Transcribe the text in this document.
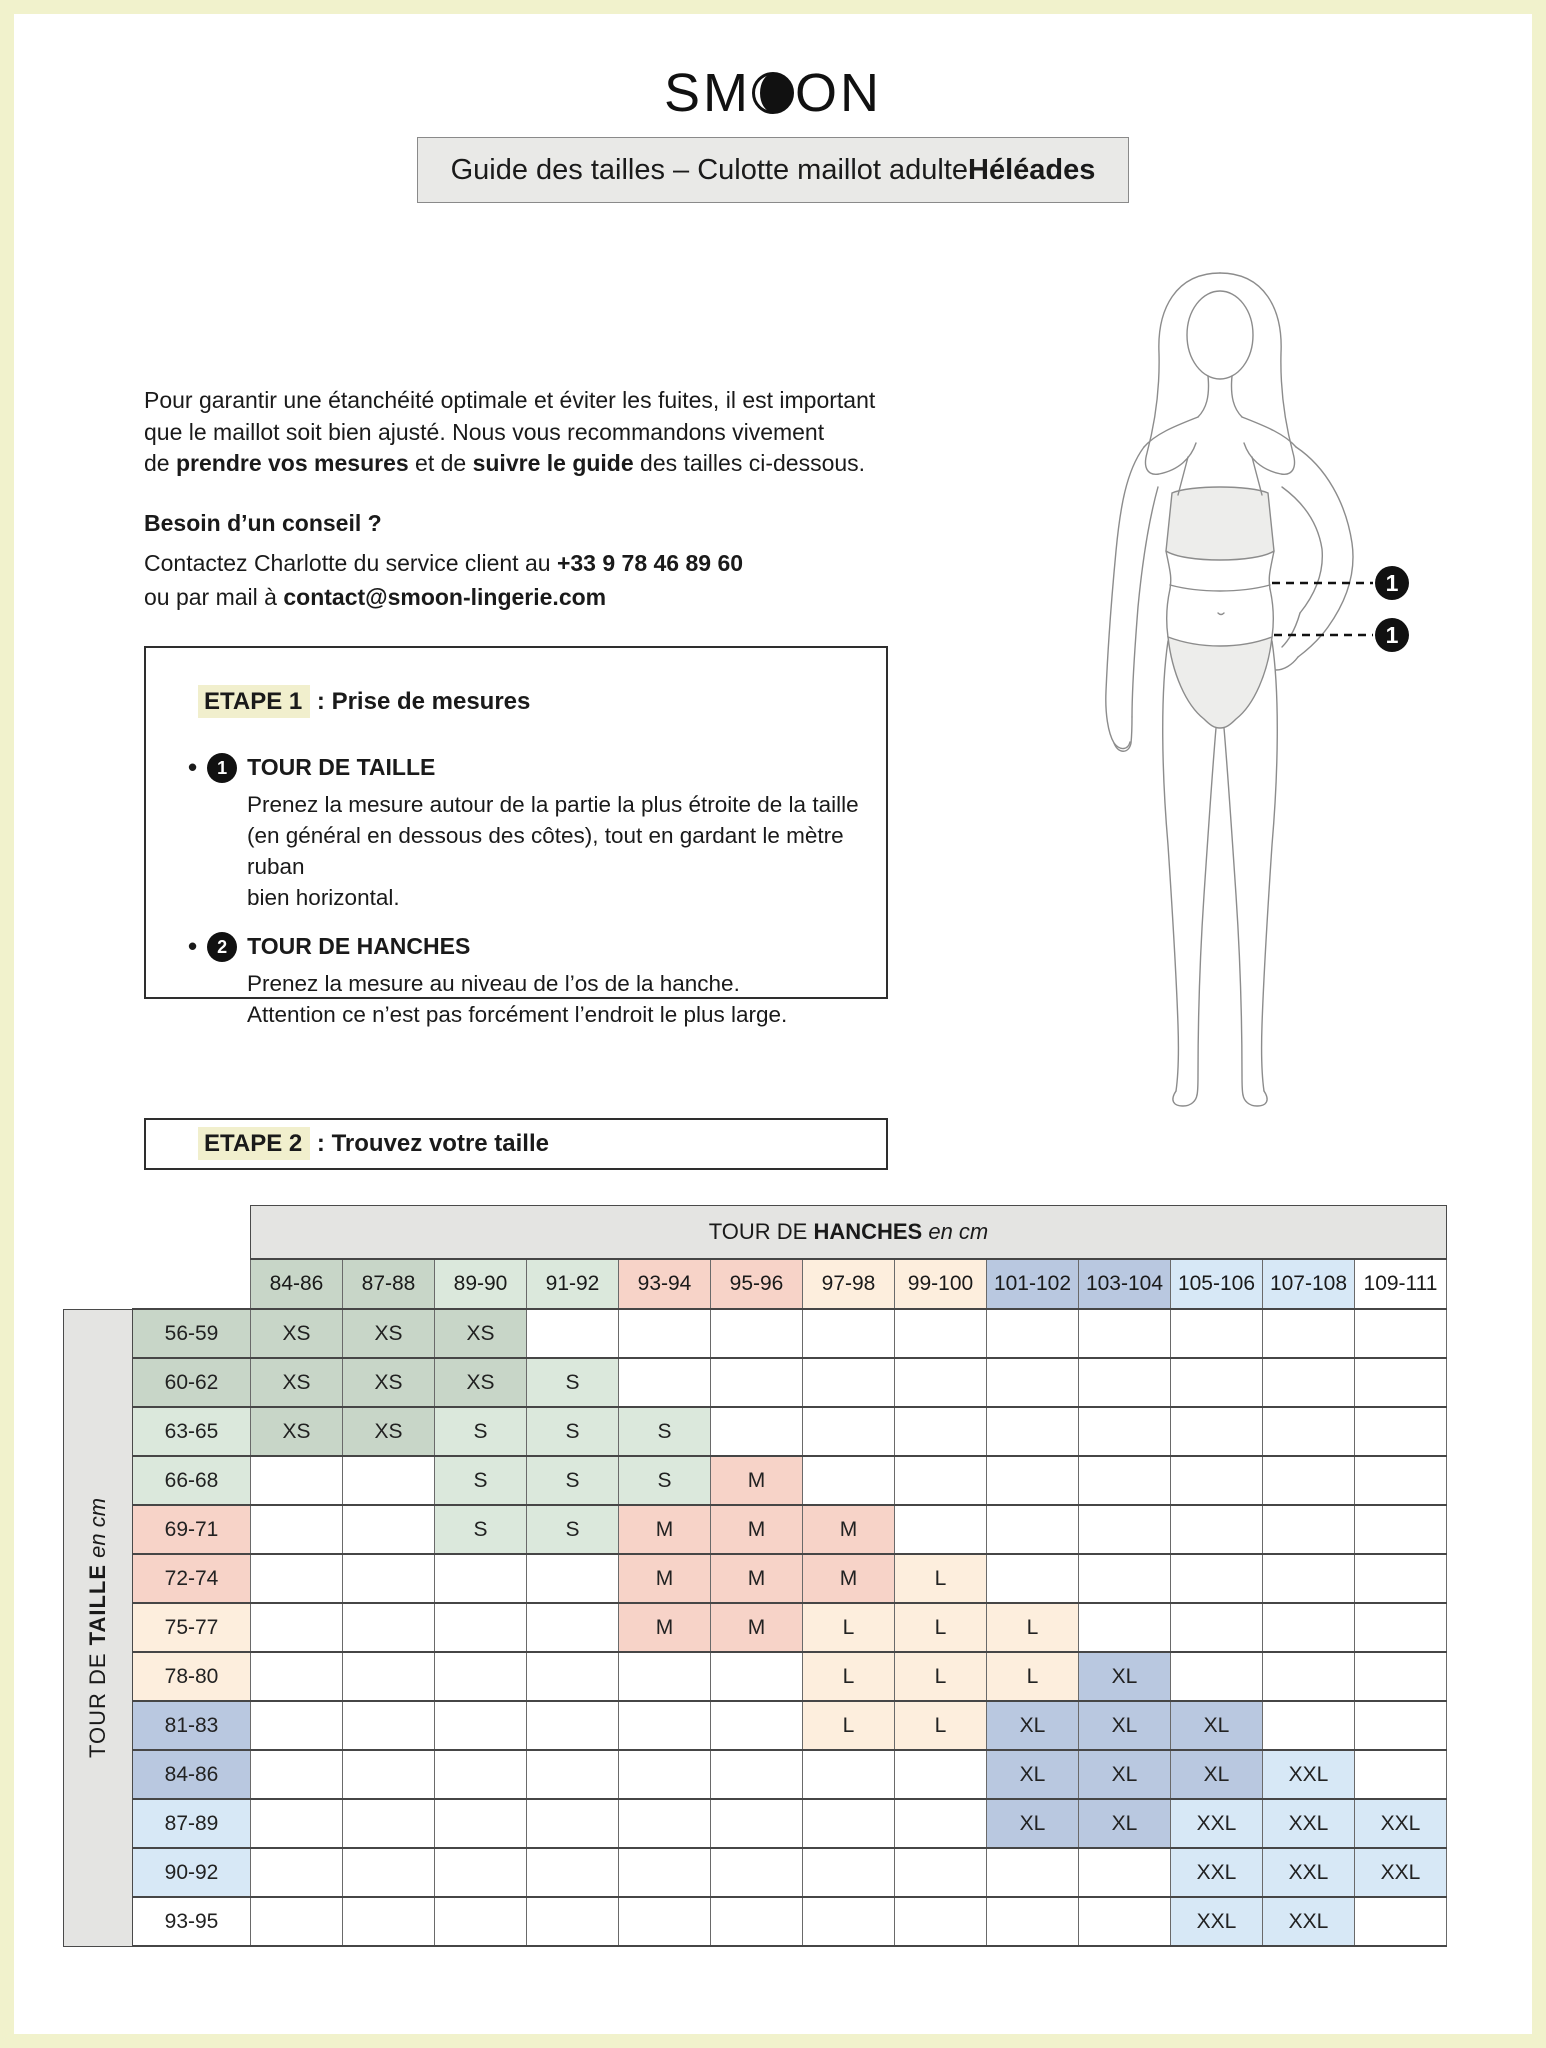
SM ON
Guide des tailles – Culotte maillot adulte Héléades
Pour garantir une étanchéité optimale et éviter les fuites, il est important
que le maillot soit bien ajusté. Nous vous recommandons vivement
de prendre vos mesures et de suivre le guide des tailles ci-dessous.
Besoin d’un conseil ?
Contactez Charlotte du service client au +33 9 78 46 89 60
ou par mail à contact@smoon-lingerie.com
ETAPE 1 : Prise de mesures
•	1 TOUR DE TAILLE
Prenez la mesure autour de la partie la plus étroite de la taille
(en général en dessous des côtes), tout en gardant le mètre ruban
bien horizontal.
•	2 TOUR DE HANCHES
Prenez la mesure au niveau de l’os de la hanche.
Attention ce n’est pas forcément l’endroit le plus large.
ETAPE 2 : Trouvez votre taille
1
1
		TOUR DE HANCHES en cm												
		84-86	87-88	89-90	91-92	93-94	95-96	97-98	99-100	101-102	103-104	105-106	107-108	109-111

TOUR DE TAILLE en cm	56-59	XS	XS	XS										
	60-62	XS	XS	XS	S									
	63-65	XS	XS	S	S	S								
	66-68			S	S	S	M							
	69-71			S	S	M	M	M						
	72-74					M	M	M	L					
	75-77					M	M	L	L	L				
	78-80							L	L	L	XL			
	81-83							L	L	XL	XL	XL		
	84-86									XL	XL	XL	XXL	
	87-89									XL	XL	XXL	XXL	XXL
	90-92											XXL	XXL	XXL
	93-95											XXL	XXL	
